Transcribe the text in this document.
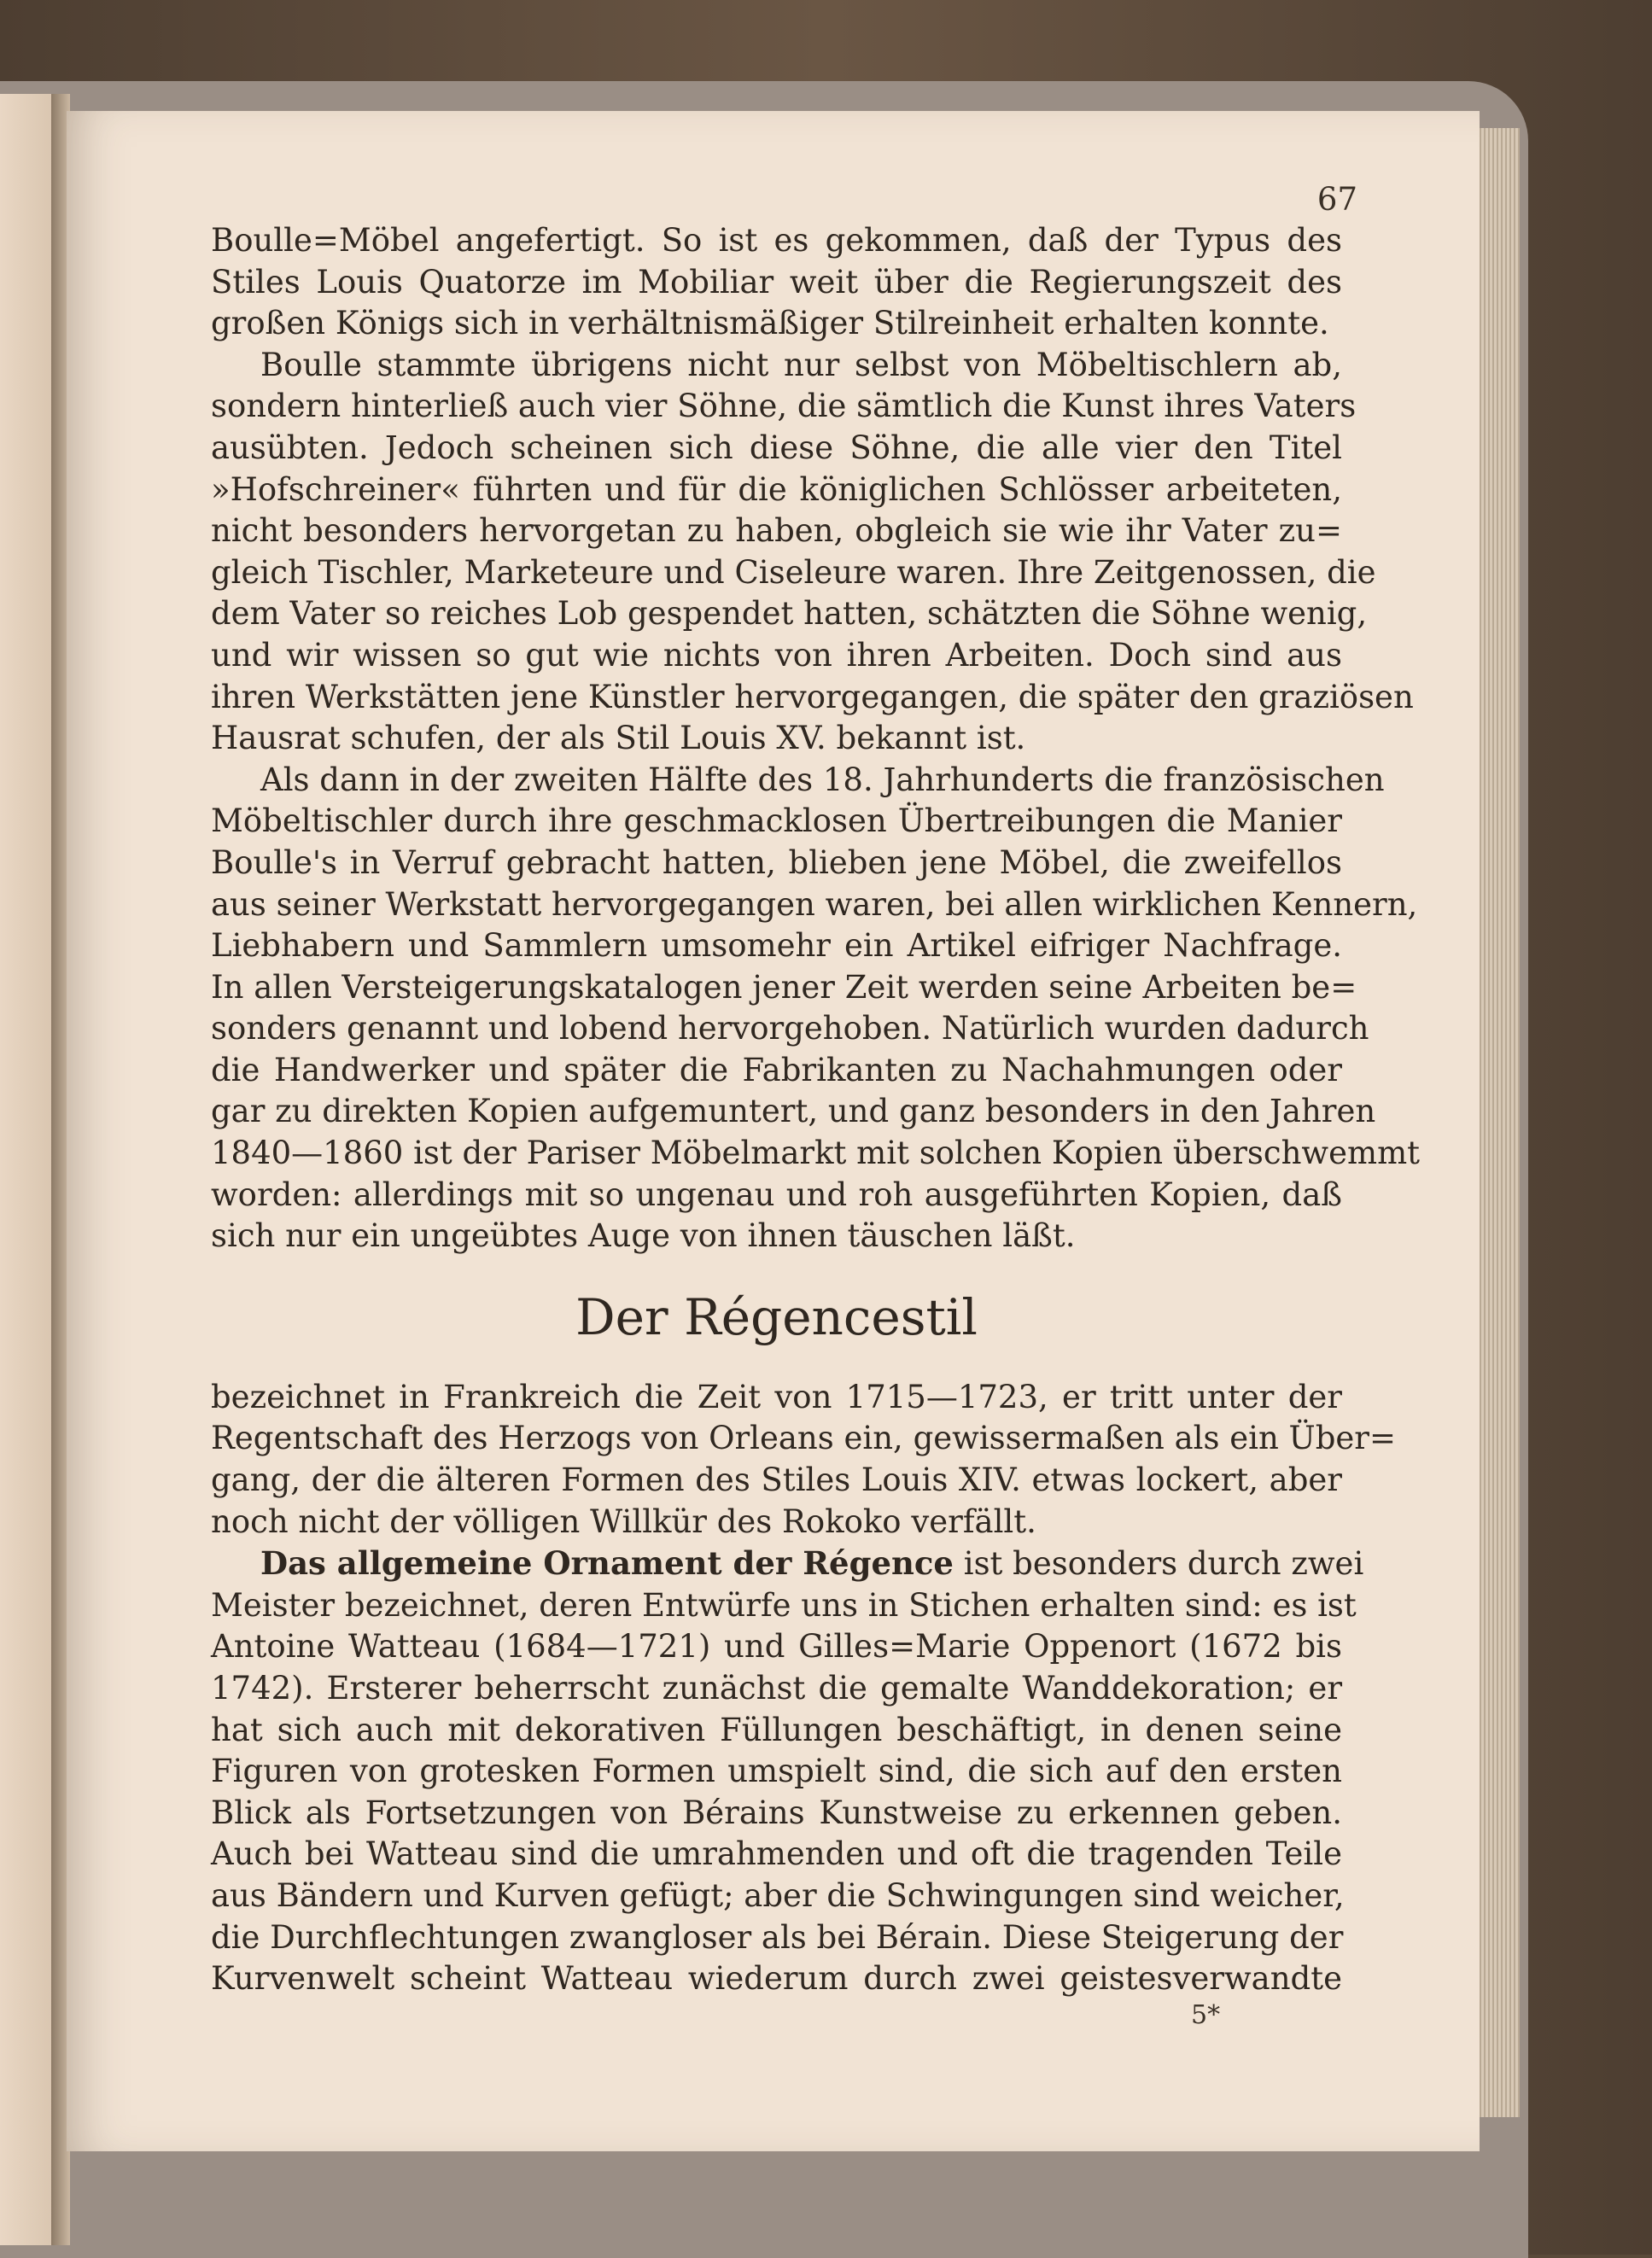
67
Boulle=Möbel angefertigt. So ist es gekommen, daß der Typus des
Stiles Louis Quatorze im Mobiliar weit über die Regierungszeit des
großen Königs sich in verhältnismäßiger Stilreinheit erhalten konnte.
Boulle stammte übrigens nicht nur selbst von Möbeltischlern ab,
sondern hinterließ auch vier Söhne, die sämtlich die Kunst ihres Vaters
ausübten. Jedoch scheinen sich diese Söhne, die alle vier den Titel
»Hofschreiner« führten und für die königlichen Schlösser arbeiteten,
nicht besonders hervorgetan zu haben, obgleich sie wie ihr Vater zu=
gleich Tischler, Marketeure und Ciseleure waren. Ihre Zeitgenossen, die
dem Vater so reiches Lob gespendet hatten, schätzten die Söhne wenig,
und wir wissen so gut wie nichts von ihren Arbeiten. Doch sind aus
ihren Werkstätten jene Künstler hervorgegangen, die später den graziösen
Hausrat schufen, der als Stil Louis XV. bekannt ist.
Als dann in der zweiten Hälfte des 18. Jahrhunderts die französischen
Möbeltischler durch ihre geschmacklosen Übertreibungen die Manier
Boulle's in Verruf gebracht hatten, blieben jene Möbel, die zweifellos
aus seiner Werkstatt hervorgegangen waren, bei allen wirklichen Kennern,
Liebhabern und Sammlern umsomehr ein Artikel eifriger Nachfrage.
In allen Versteigerungskatalogen jener Zeit werden seine Arbeiten be=
sonders genannt und lobend hervorgehoben. Natürlich wurden dadurch
die Handwerker und später die Fabrikanten zu Nachahmungen oder
gar zu direkten Kopien aufgemuntert, und ganz besonders in den Jahren
1840—1860 ist der Pariser Möbelmarkt mit solchen Kopien überschwemmt
worden: allerdings mit so ungenau und roh ausgeführten Kopien, daß
sich nur ein ungeübtes Auge von ihnen täuschen läßt.
Der Régencestil
bezeichnet in Frankreich die Zeit von 1715—1723, er tritt unter der
Regentschaft des Herzogs von Orleans ein, gewissermaßen als ein Über=
gang, der die älteren Formen des Stiles Louis XIV. etwas lockert, aber
noch nicht der völligen Willkür des Rokoko verfällt.
Das allgemeine Ornament der Régence ist besonders durch zwei
Meister bezeichnet, deren Entwürfe uns in Stichen erhalten sind: es ist
Antoine Watteau (1684—1721) und Gilles=Marie Oppenort (1672 bis
1742). Ersterer beherrscht zunächst die gemalte Wanddekoration; er
hat sich auch mit dekorativen Füllungen beschäftigt, in denen seine
Figuren von grotesken Formen umspielt sind, die sich auf den ersten
Blick als Fortsetzungen von Bérains Kunstweise zu erkennen geben.
Auch bei Watteau sind die umrahmenden und oft die tragenden Teile
aus Bändern und Kurven gefügt; aber die Schwingungen sind weicher,
die Durchflechtungen zwangloser als bei Bérain. Diese Steigerung der
Kurvenwelt scheint Watteau wiederum durch zwei geistesverwandte
5*
